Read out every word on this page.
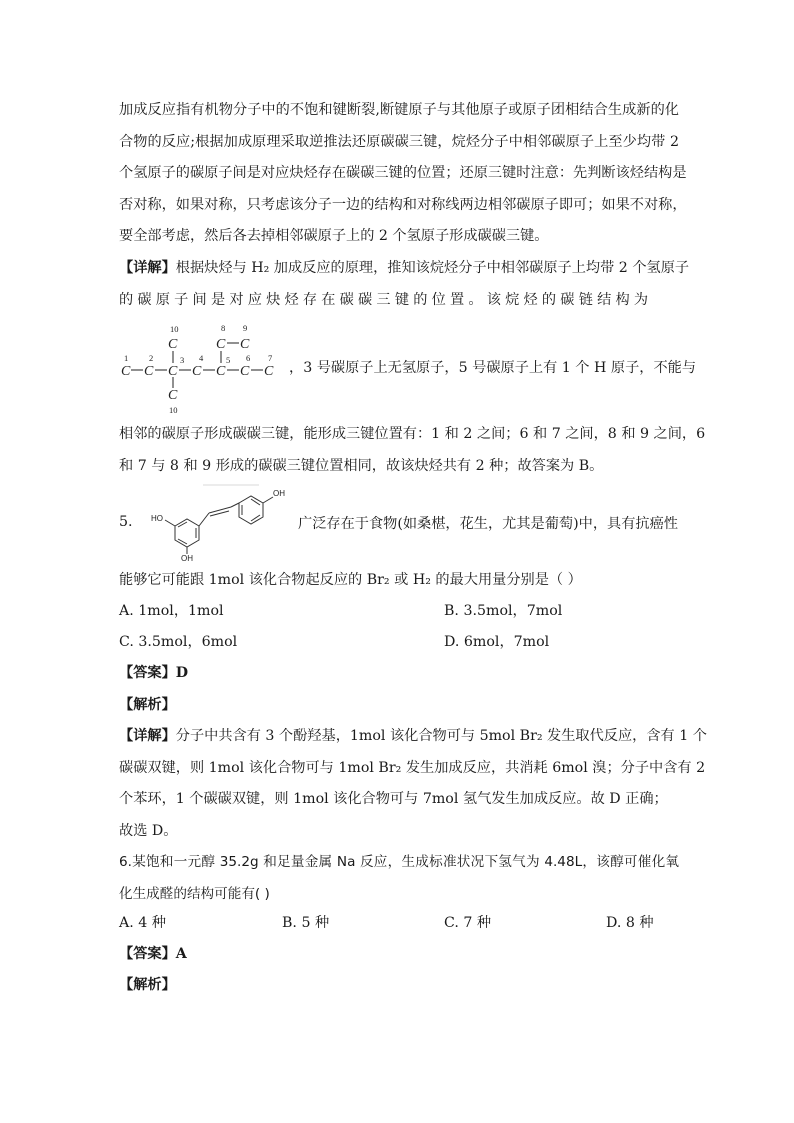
加成反应指有机物分子中的不饱和键断裂,断键原子与其他原子或原子团相结合生成新的化
合物的反应;根据加成原理采取逆推法还原碳碳三键，烷烃分子中相邻碳原子上至少均带 2
个氢原子的碳原子间是对应炔烃存在碳碳三键的位置；还原三键时注意：先判断该烃结构是
否对称，如果对称，只考虑该分子一边的结构和对称线两边相邻碳原子即可；如果不对称，
要全部考虑，然后各去掉相邻碳原子上的 2 个氢原子形成碳碳三键。
【详解】根据炔烃与 H₂ 加成反应的原理，推知该烷烃分子中相邻碳原子上均带 2 个氢原子
的碳原子间是对应炔烃存在碳碳三键的位置。该烷烃的碳链结构为
10	8 9
1 2	3 4	5 6 7
10
C	C C
C C C C C C C
C
，3 号碳原子上无氢原子，5 号碳原子上有 1 个 H 原子，不能与
相邻的碳原子形成碳碳三键，能形成三键位置有：1 和 2 之间；6 和 7 之间，8 和 9 之间，6
和 7 与 8 和 9 形成的碳碳三键位置相同，故该炔烃共有 2 种；故答案为 B。
5.
OH
HO
OH
广泛存在于食物(如桑椹，花生，尤其是葡萄)中，具有抗癌性
能够它可能跟 1mol 该化合物起反应的 Br₂ 或 H₂ 的最大用量分别是（ ）
A. 1mol，1mol	B. 3.5mol，7mol
C. 3.5mol，6mol	D. 6mol，7mol
【答案】D
【解析】
【详解】分子中共含有 3 个酚羟基，1mol 该化合物可与 5mol Br₂ 发生取代反应，含有 1 个
碳碳双键，则 1mol 该化合物可与 1mol Br₂ 发生加成反应，共消耗 6mol 溴；分子中含有 2
个苯环，1 个碳碳双键，则 1mol 该化合物可与 7mol 氢气发生加成反应。故 D 正确；
故选 D。
6.某饱和一元醇 35.2g 和足量金属 Na 反应，生成标准状况下氢气为 4.48L，该醇可催化氧
化生成醛的结构可能有( )
A. 4 种	B. 5 种	C. 7 种	D. 8 种
【答案】A
【解析】
